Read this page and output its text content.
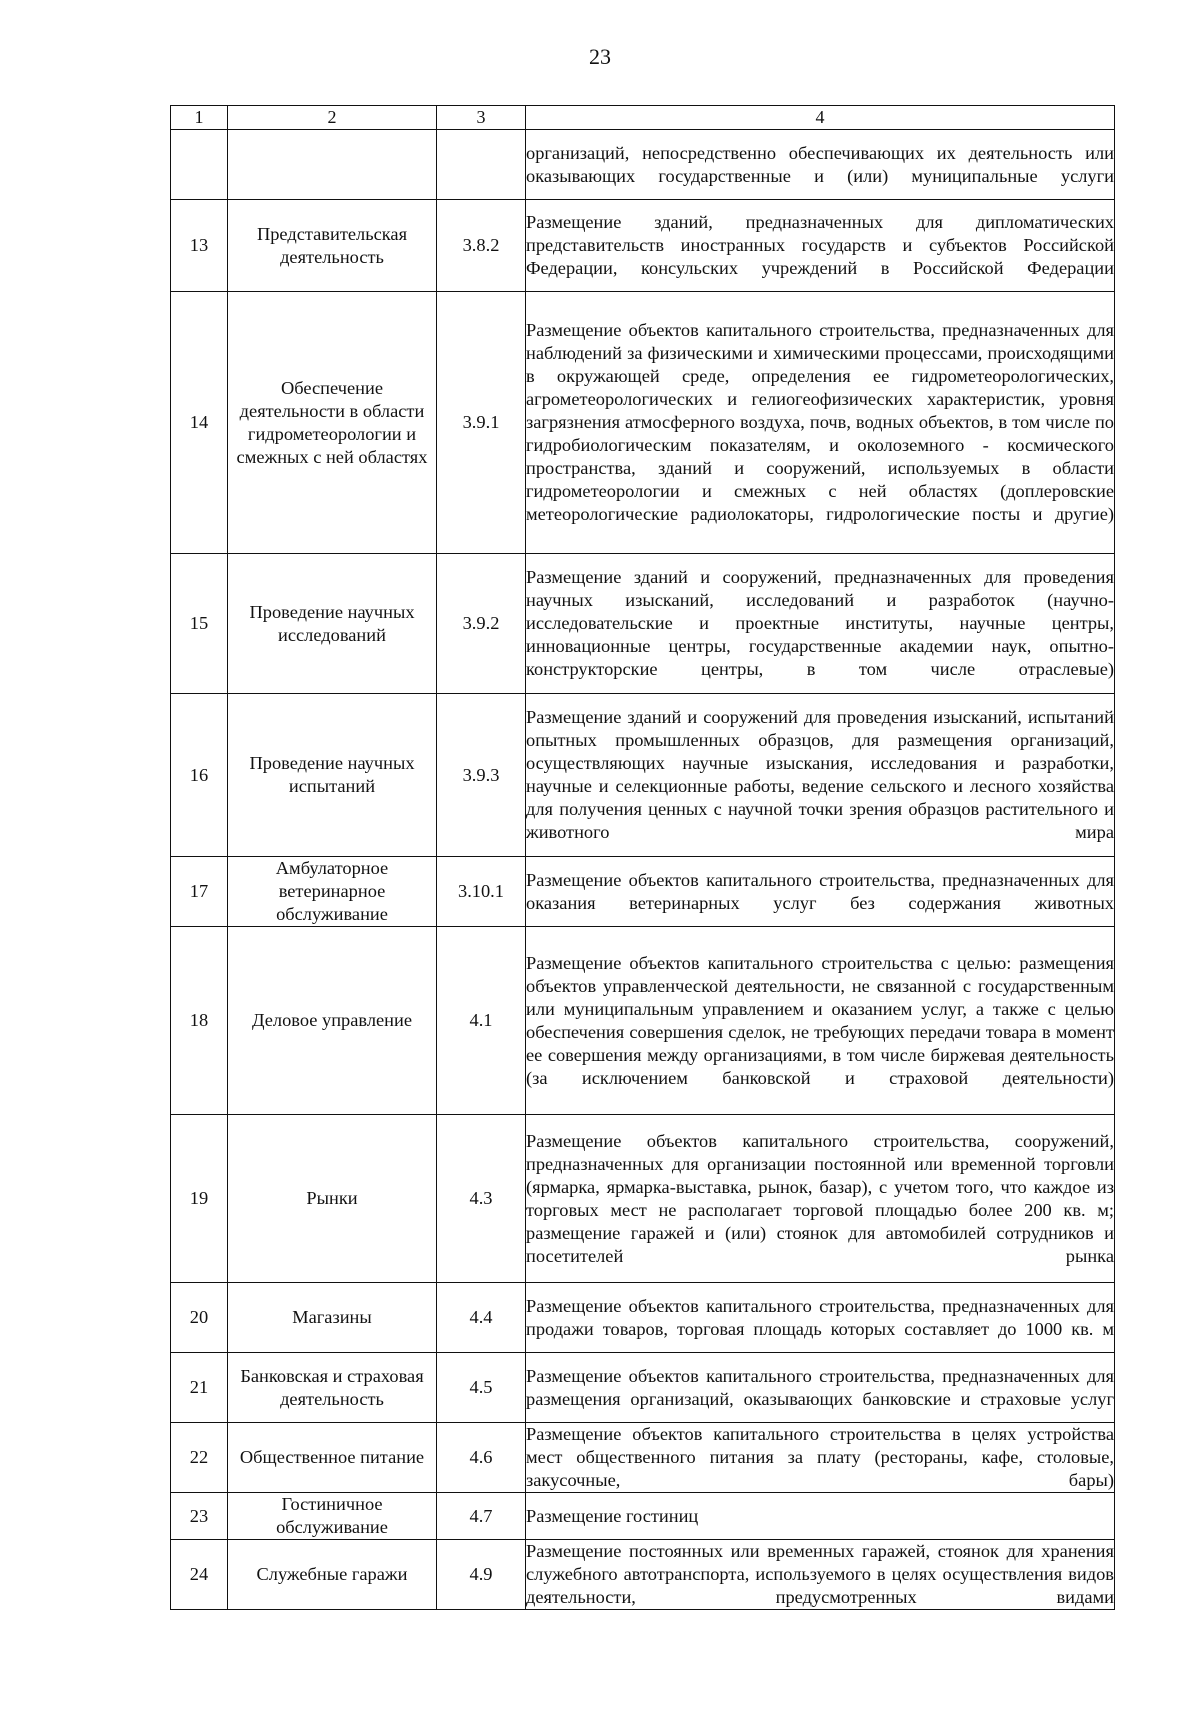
23
1	2	3	4
			организаций, непосредственно обеспечивающих их деятельность или оказывающих государственные и (или) муниципальные услуги
13	Представительская деятельность	3.8.2	Размещение зданий, предназначенных для дипломатических представительств иностранных государств и субъектов Российской Федерации, консульских учреждений в Российской Федерации
14	Обеспечение деятельности в области гидрометеорологии и смежных с ней областях	3.9.1	Размещение объектов капитального строительства, предназначенных для наблюдений за физическими и химическими процессами, происходящими в окружающей среде, определения ее гидрометеорологических, агрометеорологических и гелиогеофизических характеристик, уровня загрязнения атмосферного воздуха, почв, водных объектов, в том числе по гидробиологическим показателям, и околоземного - космического пространства, зданий и сооружений, используемых в области гидрометеорологии и смежных с ней областях (доплеровские метеорологические радиолокаторы, гидрологические посты и другие)
15	Проведение научных исследований	3.9.2	Размещение зданий и сооружений, предназначенных для проведения научных изысканий, исследований и разработок (научно-исследовательские и проектные институты, научные центры, инновационные центры, государственные академии наук, опытно-конструкторские центры, в том числе отраслевые)
16	Проведение научных испытаний	3.9.3	Размещение зданий и сооружений для проведения изысканий, испытаний опытных промышленных образцов, для размещения организаций, осуществляющих научные изыскания, исследования и разработки, научные и селекционные работы, ведение сельского и лесного хозяйства для получения ценных с научной точки зрения образцов растительного и животного мира
17	Амбулаторное ветеринарное обслуживание	3.10.1	Размещение объектов капитального строительства, предназначенных для оказания ветеринарных услуг без содержания животных
18	Деловое управление	4.1	Размещение объектов капитального строительства с целью: размещения объектов управленческой деятельности, не связанной с государственным или муниципальным управлением и оказанием услуг, а также с целью обеспечения совершения сделок, не требующих передачи товара в момент ее совершения между организациями, в том числе биржевая деятельность (за исключением банковской и страховой деятельности)
19	Рынки	4.3	Размещение объектов капитального строительства, сооружений, предназначенных для организации постоянной или временной торговли (ярмарка, ярмарка-выставка, рынок, базар), с учетом того, что каждое из торговых мест не располагает торговой площадью более 200 кв. м; размещение гаражей и (или) стоянок для автомобилей сотрудников и посетителей рынка
20	Магазины	4.4	Размещение объектов капитального строительства, предназначенных для продажи товаров, торговая площадь которых составляет до 1000 кв. м
21	Банковская и страховая деятельность	4.5	Размещение объектов капитального строительства, предназначенных для размещения организаций, оказывающих банковские и страховые услуг
22	Общественное питание	4.6	Размещение объектов капитального строительства в целях устройства мест общественного питания за плату (рестораны, кафе, столовые, закусочные, бары)
23	Гостиничное обслуживание	4.7	Размещение гостиниц
24	Служебные гаражи	4.9	Размещение постоянных или временных гаражей, стоянок для хранения служебного автотранспорта, используемого в целях осуществления видов деятельности, предусмотренных видами
